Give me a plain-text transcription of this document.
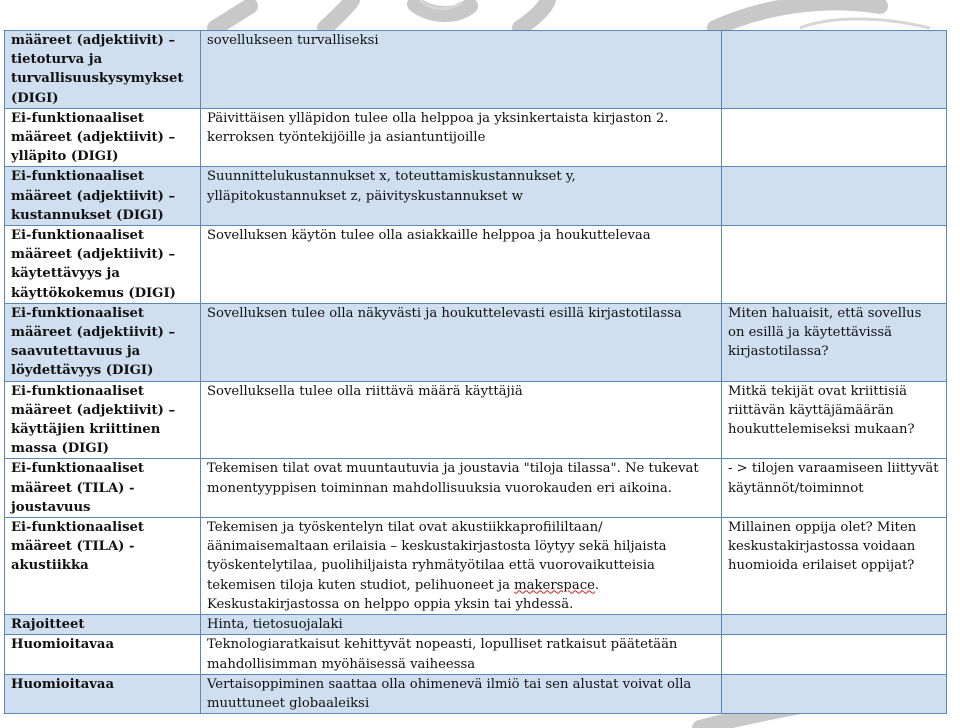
määreet (adjektiivit) – tietoturva ja turvallisuuskysymykset (DIGI)	sovellukseen turvalliseksi	
Ei-funktionaaliset määreet (adjektiivit) – ylläpito (DIGI)	Päivittäisen ylläpidon tulee olla helppoa ja yksinkertaista kirjaston 2. kerroksen työntekijöille ja asiantuntijoille	
Ei-funktionaaliset määreet (adjektiivit) – kustannukset (DIGI)	Suunnittelukustannukset x, toteuttamiskustannukset y, ylläpitokustannukset z, päivityskustannukset w	
Ei-funktionaaliset määreet (adjektiivit) – käytettävyys ja käyttökokemus (DIGI)	Sovelluksen käytön tulee olla asiakkaille helppoa ja houkuttelevaa	
Ei-funktionaaliset määreet (adjektiivit) – saavutettavuus ja löydettävyys (DIGI)	Sovelluksen tulee olla näkyvästi ja houkuttelevasti esillä kirjastotilassa	Miten haluaisit, että sovellus on esillä ja käytettävissä kirjastotilassa?
Ei-funktionaaliset määreet (adjektiivit) – käyttäjien kriittinen massa (DIGI)	Sovelluksella tulee olla riittävä määrä käyttäjiä	Mitkä tekijät ovat kriittisiä riittävän käyttäjämäärän houkuttelemiseksi mukaan?
Ei-funktionaaliset määreet (TILA) - joustavuus	Tekemisen tilat ovat muuntautuvia ja joustavia "tiloja tilassa". Ne tukevat monentyyppisen toiminnan mahdollisuuksia vuorokauden eri aikoina.	- > tilojen varaamiseen liittyvät käytännöt/toiminnot
Ei-funktionaaliset määreet (TILA) - akustiikka	Tekemisen ja työskentelyn tilat ovat akustiikkaprofiililtaan/äänimaisemaltaan erilaisia – keskustakirjastosta löytyy sekä hiljaista työskentelytilaa, puolihiljaista ryhmätyötilaa että vuorovaikutteisia tekemisen tiloja kuten studiot, pelihuoneet ja makerspace. Keskustakirjastossa on helppo oppia yksin tai yhdessä.	Millainen oppija olet? Miten keskustakirjastossa voidaan huomioida erilaiset oppijat?
Rajoitteet	Hinta, tietosuojalaki	
Huomioitavaa	Teknologiaratkaisut kehittyvät nopeasti, lopulliset ratkaisut päätetään mahdollisimman myöhäisessä vaiheessa	
Huomioitavaa	Vertaisoppiminen saattaa olla ohimenevä ilmiö tai sen alustat voivat olla muuttuneet globaaleiksi	
